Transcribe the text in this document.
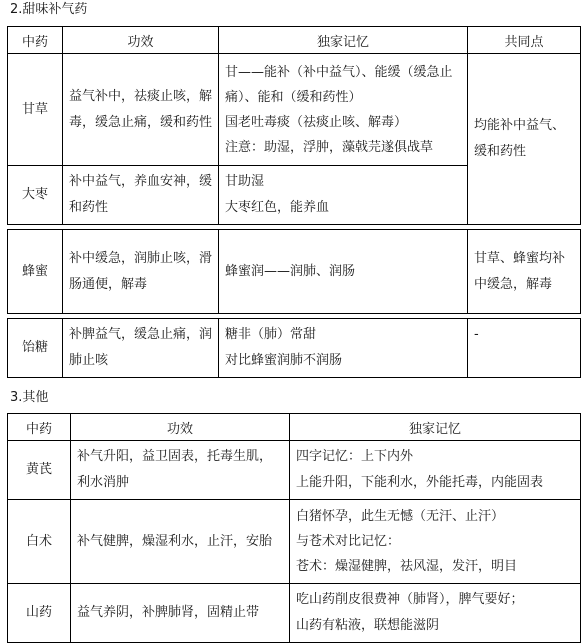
2.甜味补气药
中药	功效	独家记忆	共同点

甘草	益气补中，祛痰止咳，解毒，缓急止痛，缓和药性	甘——能补（补中益气）、能缓（缓急止痛）、能和（缓和药性）
国老吐毒痰（祛痰止咳、解毒）
注意：助湿，浮肿，藻戟芫遂俱战草	均能补中益气、缓和药性

大枣	补中益气，养血安神，缓和药性	甘助湿
大枣红色，能养血	

蜂蜜	补中缓急，润肺止咳，滑肠通便，解毒	蜂蜜润——润肺、润肠	甘草、蜂蜜均补中缓急，解毒

饴糖	补脾益气，缓急止痛，润肺止咳	糖非（肺）常甜
对比蜂蜜润肺不润肠	-
3.其他
中药	功效	独家记忆

黄芪	补气升阳，益卫固表，托毒生肌，利水消肿	四字记忆：上下内外
上能升阳，下能利水，外能托毒，内能固表

白术	补气健脾，燥湿利水，止汗，安胎	白猪怀孕，此生无憾（无汗、止汗）
与苍术对比记忆：
苍术：燥湿健脾，祛风湿，发汗，明目

山药	益气养阴，补脾肺肾，固精止带	吃山药削皮很费神（肺肾），脾气要好；
山药有粘液，联想能滋阴
